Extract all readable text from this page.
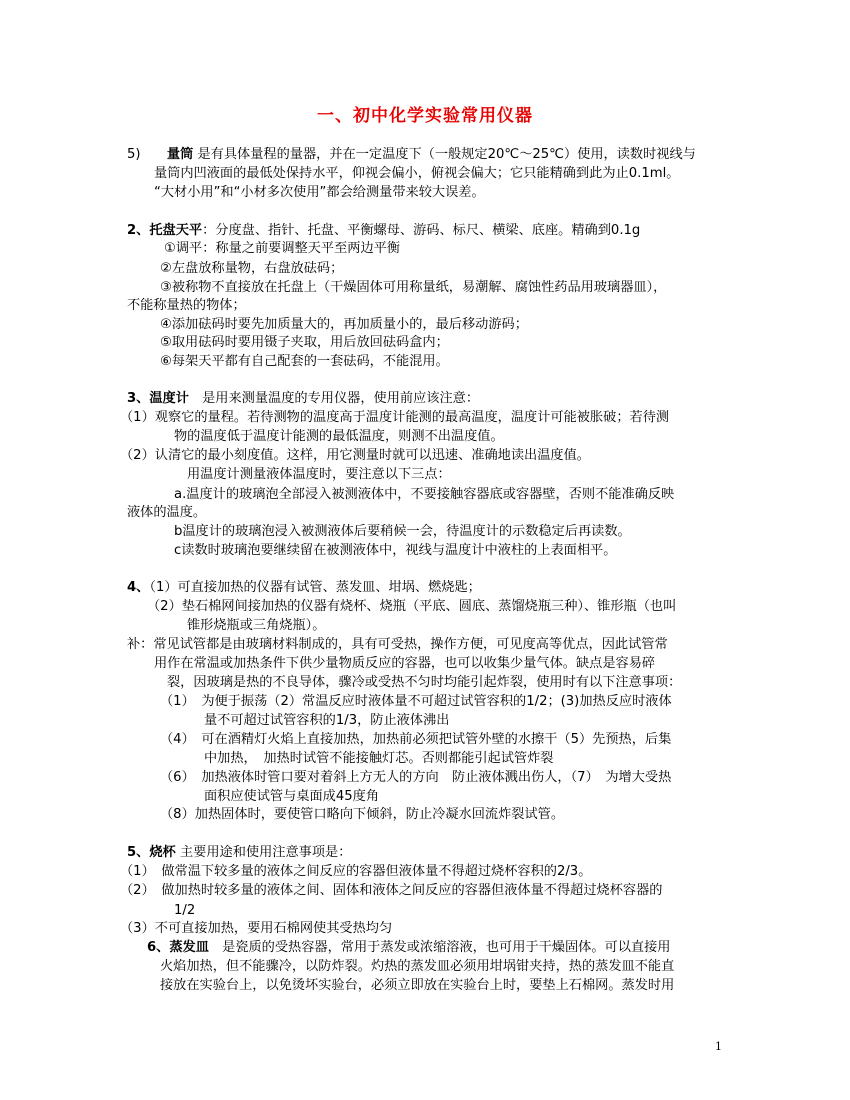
一、初中化学实验常用仪器
5)　　量筒 是有具体量程的量器，并在一定温度下（一般规定20℃～25℃）使用，读数时视线与
量筒内凹液面的最低处保持水平，仰视会偏小，俯视会偏大；它只能精确到此为止0.1ml。
“大材小用”和“小材多次使用”都会给测量带来较大误差。
2、托盘天平：分度盘、指针、托盘、平衡螺母、游码、标尺、横梁、底座。精确到0.1g
①调平：称量之前要调整天平至两边平衡
②左盘放称量物，右盘放砝码；
③被称物不直接放在托盘上（干燥固体可用称量纸，易潮解、腐蚀性药品用玻璃器皿），
不能称量热的物体；
④添加砝码时要先加质量大的，再加质量小的，最后移动游码；
⑤取用砝码时要用镊子夹取，用后放回砝码盒内；
⑥每架天平都有自己配套的一套砝码，不能混用。
3、温度计　是用来测量温度的专用仪器，使用前应该注意：
（1）观察它的量程。若待测物的温度高于温度计能测的最高温度，温度计可能被胀破；若待测
物的温度低于温度计能测的最低温度，则测不出温度值。
（2）认清它的最小刻度值。这样，用它测量时就可以迅速、准确地读出温度值。
用温度计测量液体温度时，要注意以下三点：
a.温度计的玻璃泡全部浸入被测液体中，不要接触容器底或容器壁，否则不能准确反映
液体的温度。
b温度计的玻璃泡浸入被测液体后要稍候一会，待温度计的示数稳定后再读数。
c读数时玻璃泡要继续留在被测液体中，视线与温度计中液柱的上表面相平。
4、（1）可直接加热的仪器有试管、蒸发皿、坩埚、燃烧匙；
（2）垫石棉网间接加热的仪器有烧杯、烧瓶（平底、圆底、蒸馏烧瓶三种）、锥形瓶（也叫
锥形烧瓶或三角烧瓶）。
补：常见试管都是由玻璃材料制成的，具有可受热，操作方便，可见度高等优点，因此试管常
用作在常温或加热条件下供少量物质反应的容器，也可以收集少量气体。缺点是容易碎
裂，因玻璃是热的不良导体，骤冷或受热不匀时均能引起炸裂，使用时有以下注意事项：
（1）　为便于振荡（2）常温反应时液体量不可超过试管容积的1/2；(3)加热反应时液体
量不可超过试管容积的1/3，防止液体沸出
（4）　可在酒精灯火焰上直接加热，加热前必须把试管外壁的水擦干（5）先预热，后集
中加热，　加热时试管不能接触灯芯。否则都能引起试管炸裂
（6）　加热液体时管口要对着斜上方无人的方向　防止液体溅出伤人，（7）　为增大受热
面积应使试管与桌面成45度角
（8）加热固体时，要使管口略向下倾斜，防止冷凝水回流炸裂试管。
5、烧杯 主要用途和使用注意事项是：
（1）　做常温下较多量的液体之间反应的容器但液体量不得超过烧杯容积的2/3。
（2）　做加热时较多量的液体之间、固体和液体之间反应的容器但液体量不得超过烧杯容器的
1/2
（3）不可直接加热，要用石棉网使其受热均匀
6、蒸发皿　是瓷质的受热容器，常用于蒸发或浓缩溶液，也可用于干燥固体。可以直接用
火焰加热，但不能骤冷，以防炸裂。灼热的蒸发皿必须用坩埚钳夹持，热的蒸发皿不能直
接放在实验台上，以免烫坏实验台，必须立即放在实验台上时，要垫上石棉网。蒸发时用
1
